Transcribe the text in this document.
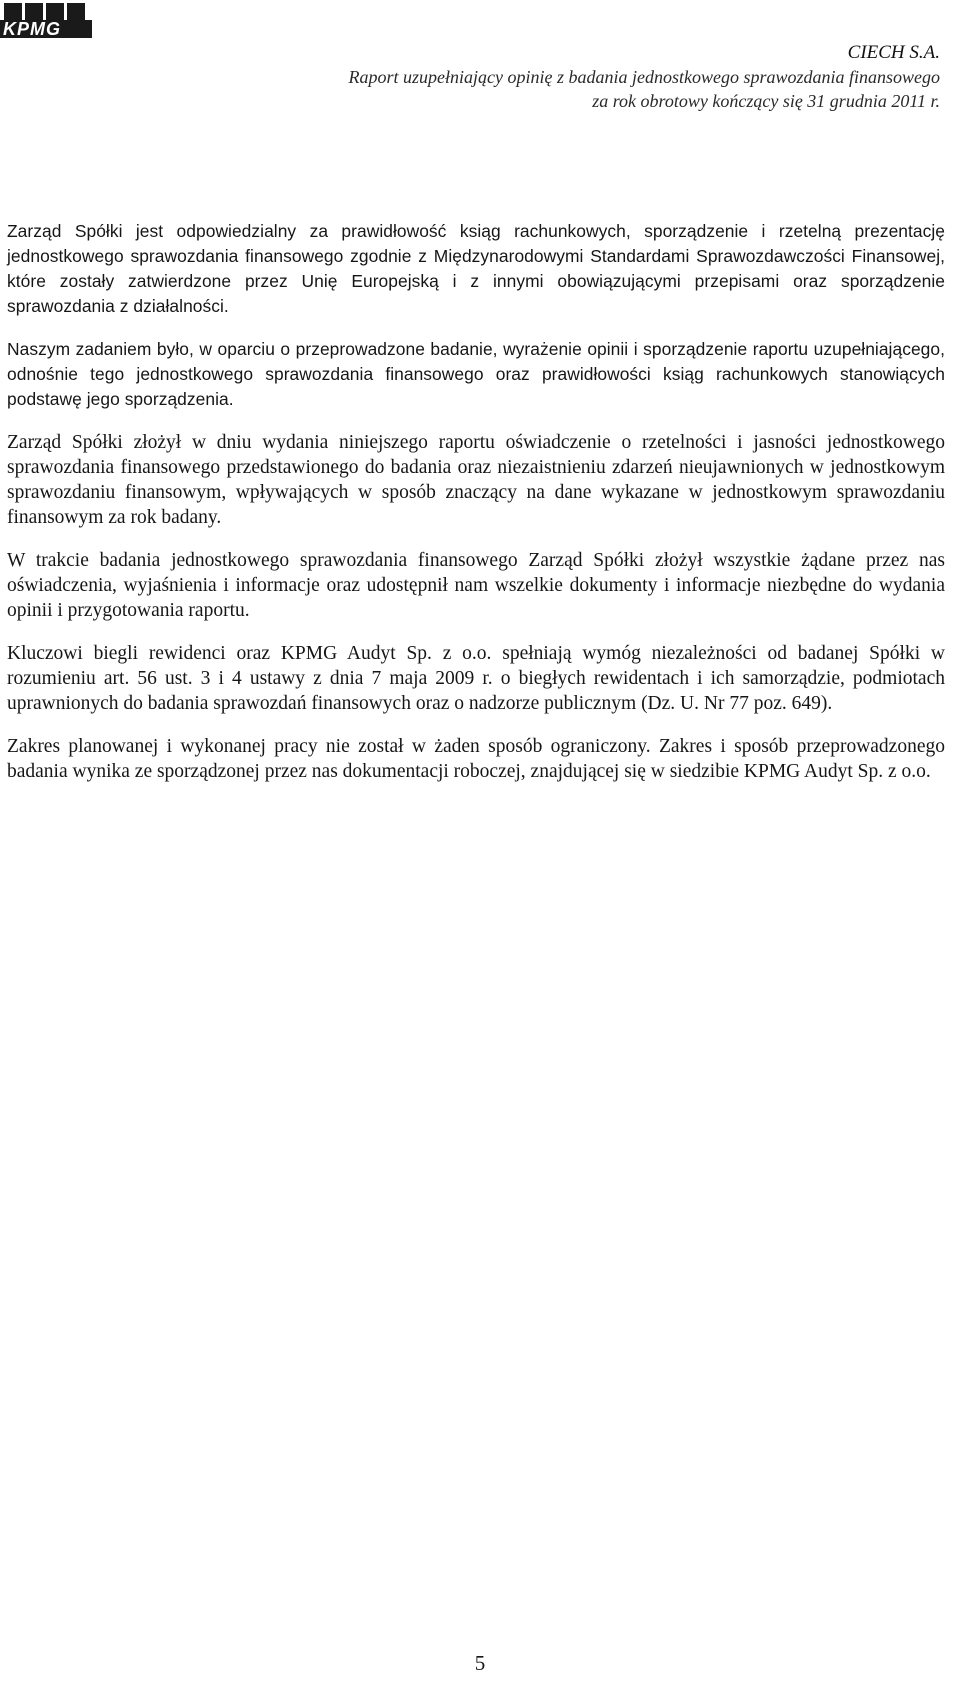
KPMG
CIECH S.A.
Raport uzupełniający opinię z badania jednostkowego sprawozdania finansowego
za rok obrotowy kończący się 31 grudnia 2011 r.

Zarząd Spółki jest odpowiedzialny za prawidłowość ksiąg rachunkowych, sporządzenie i rzetelną prezentację jednostkowego sprawozdania finansowego zgodnie z Międzynarodowymi Standardami Sprawozdawczości Finansowej, które zostały zatwierdzone przez Unię Europejską i z innymi obowiązującymi przepisami oraz sporządzenie sprawozdania z działalności.

Naszym zadaniem było, w oparciu o przeprowadzone badanie, wyrażenie opinii i sporządzenie raportu uzupełniającego, odnośnie tego jednostkowego sprawozdania finansowego oraz prawidłowości ksiąg rachunkowych stanowiących podstawę jego sporządzenia.

Zarząd Spółki złożył w dniu wydania niniejszego raportu oświadczenie o rzetelności i jasności jednostkowego sprawozdania finansowego przedstawionego do badania oraz niezaistnieniu zdarzeń nieujawnionych w jednostkowym sprawozdaniu finansowym, wpływających w sposób znaczący na dane wykazane w jednostkowym sprawozdaniu finansowym za rok badany.

W trakcie badania jednostkowego sprawozdania finansowego Zarząd Spółki złożył wszystkie żądane przez nas oświadczenia, wyjaśnienia i informacje oraz udostępnił nam wszelkie dokumenty i informacje niezbędne do wydania opinii i przygotowania raportu.

Kluczowi biegli rewidenci oraz KPMG Audyt Sp. z o.o. spełniają wymóg niezależności od badanej Spółki w rozumieniu art. 56 ust. 3 i 4 ustawy z dnia 7 maja 2009 r. o biegłych rewidentach i ich samorządzie, podmiotach uprawnionych do badania sprawozdań finansowych oraz o nadzorze publicznym (Dz. U. Nr 77 poz. 649).

Zakres planowanej i wykonanej pracy nie został w żaden sposób ograniczony. Zakres i sposób przeprowadzonego badania wynika ze sporządzonej przez nas dokumentacji roboczej, znajdującej się w siedzibie KPMG Audyt Sp. z o.o.

5
